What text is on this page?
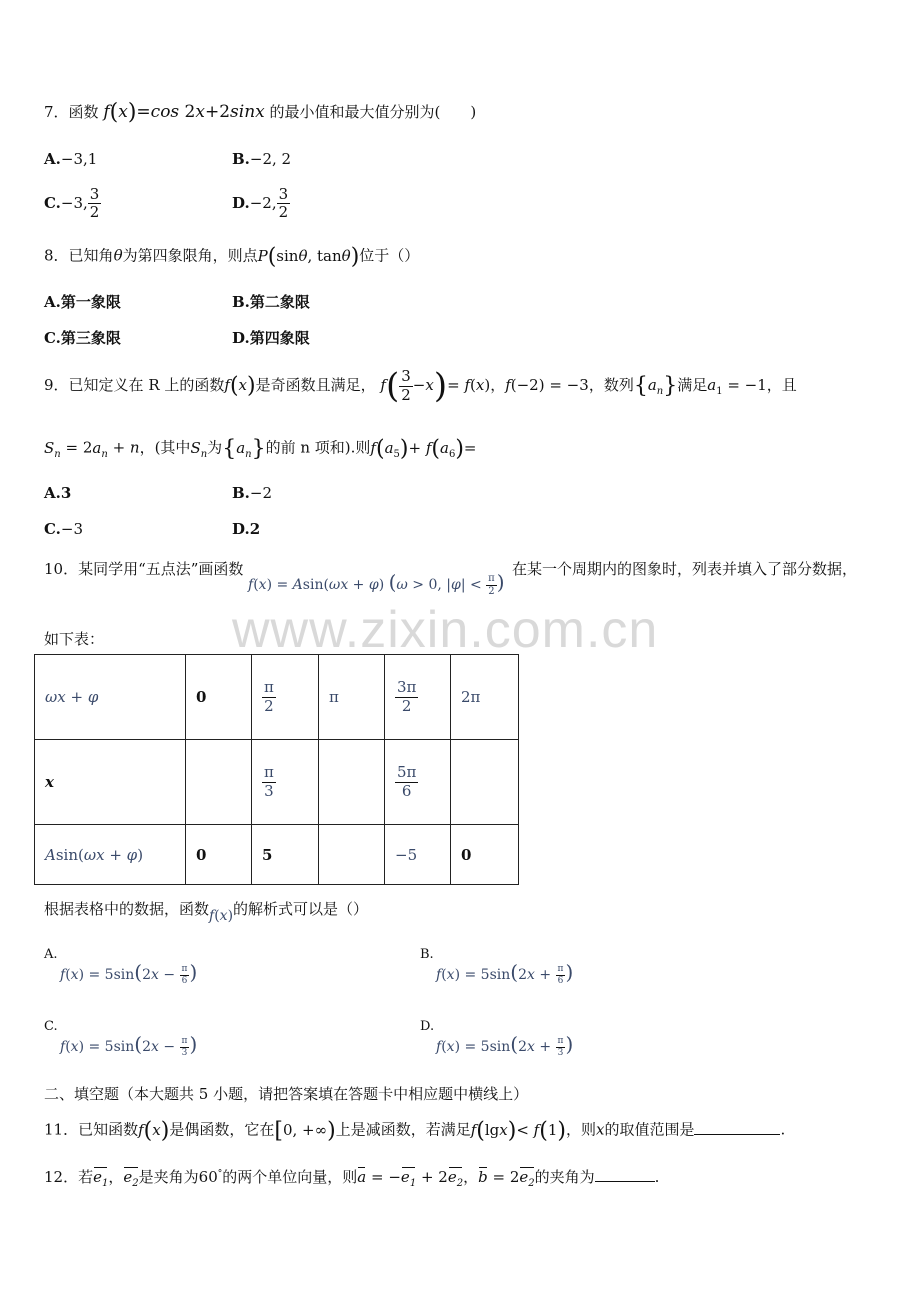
www.zixin.com.cn
7．函数 f(x)=cos 2x+2sinx 的最小值和最大值分别为(　　)
A.−3,1	B.−2, 2
C.−3, $\frac{3}{2}$	D.−2, $\frac{3}{2}$
8．已知角θ为第四象限角，则点P(sinθ, tanθ)位于（）
A.第一象限	B.第二象限
C.第三象限	D.第四象限
9．已知定义在 R 上的函数f(x)是奇函数且满足， $f( \frac{3}{2} -x)= f(x)$，f(−2) = −3，数列$\{a_n\}$满足$a_1 = -1$，且
$S_n = 2a_n + n$，(其中$S_n$为$\{a_n\}$的前 n 项和).则$f(a_5)+ f(a_6)=$
A.3	B.−2
C.−3	D.2
10．某同学用“五点法”画函数
f(x) = Asin(ωx + φ) (ω > 0, $|\varphi| < \frac{\pi}{2}$ )
在某一个周期内的图象时，列表并填入了部分数据，
如下表：
ωx + φ	0	$\frac{\pi}{2}$	π	$\frac{3\pi}{2}$	2π
x		$\frac{\pi}{3}$		$\frac{5\pi}{6}$

Asin(ωx + φ)	0	5		−5	0
根据表格中的数据，函数f(x)的解析式可以是（）
A.
$f(x) = 5\sin(2x - \frac{\pi}{6}$ )
B.
$f(x) = 5\sin(2x + \frac{\pi}{6}$ )
C.
$f(x) = 5\sin(2x - \frac{\pi}{3}$ )
D.
$f(x) = 5\sin(2x + \frac{\pi}{3}$ )
二、填空题（本大题共 5 小题，请把答案填在答题卡中相应题中横线上）
11．已知函数f(x)是偶函数，它在[0, +∞)上是减函数，若满足f(lgx)< f(1)，则x的取值范围是	.
12．若$e_1$，$e_2$是夹角为60°的两个单位向量，则$a = -e_1 + 2e_2$，$b = 2e_2$的夹角为	.
